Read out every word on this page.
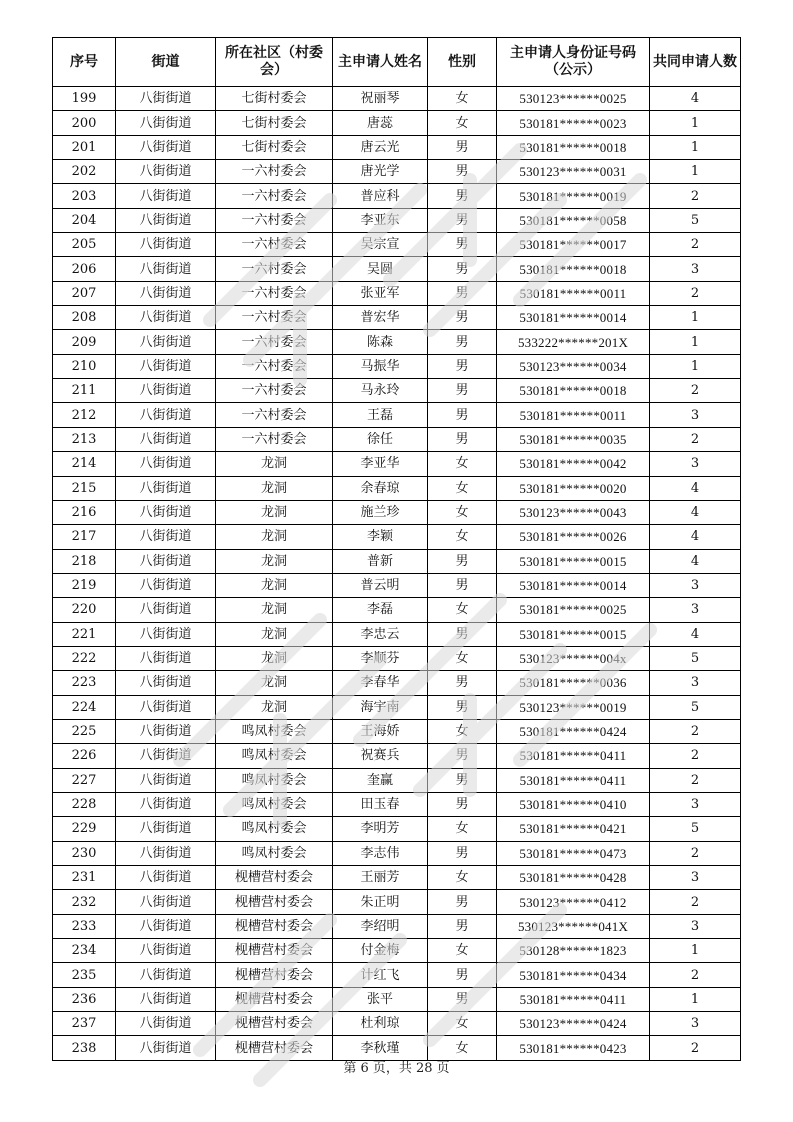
序号	街道	所在社区（村委会）	主申请人姓名	性别	主申请人身份证号码（公示）	共同申请人数
199	八街街道	七街村委会	祝丽琴	女	530123******0025	4
200	八街街道	七街村委会	唐蕊	女	530181******0023	1
201	八街街道	七街村委会	唐云光	男	530181******0018	1
202	八街街道	一六村委会	唐光学	男	530123******0031	1
203	八街街道	一六村委会	普应科	男	530181******0019	2
204	八街街道	一六村委会	李亚东	男	530181******0058	5
205	八街街道	一六村委会	吴宗宣	男	530181******0017	2
206	八街街道	一六村委会	吴圆	男	530181******0018	3
207	八街街道	一六村委会	张亚军	男	530181******0011	2
208	八街街道	一六村委会	普宏华	男	530181******0014	1
209	八街街道	一六村委会	陈森	男	533222******201X	1
210	八街街道	一六村委会	马振华	男	530123******0034	1
211	八街街道	一六村委会	马永玲	男	530181******0018	2
212	八街街道	一六村委会	王磊	男	530181******0011	3
213	八街街道	一六村委会	徐任	男	530181******0035	2
214	八街街道	龙洞	李亚华	女	530181******0042	3
215	八街街道	龙洞	余春琼	女	530181******0020	4
216	八街街道	龙洞	施兰珍	女	530123******0043	4
217	八街街道	龙洞	李颖	女	530181******0026	4
218	八街街道	龙洞	普新	男	530181******0015	4
219	八街街道	龙洞	普云明	男	530181******0014	3
220	八街街道	龙洞	李磊	女	530181******0025	3
221	八街街道	龙洞	李忠云	男	530181******0015	4
222	八街街道	龙洞	李顺芬	女	530123******004x	5
223	八街街道	龙洞	李春华	男	530181******0036	3
224	八街街道	龙洞	海宇南	男	530123******0019	5
225	八街街道	鸣凤村委会	王海娇	女	530181******0424	2
226	八街街道	鸣凤村委会	祝赛兵	男	530181******0411	2
227	八街街道	鸣凤村委会	奎赢	男	530181******0411	2
228	八街街道	鸣凤村委会	田玉春	男	530181******0410	3
229	八街街道	鸣凤村委会	李明芳	女	530181******0421	5
230	八街街道	鸣凤村委会	李志伟	男	530181******0473	2
231	八街街道	枧槽营村委会	王丽芳	女	530181******0428	3
232	八街街道	枧槽营村委会	朱正明	男	530123******0412	2
233	八街街道	枧槽营村委会	李绍明	男	530123******041X	3
234	八街街道	枧槽营村委会	付金梅	女	530128******1823	1
235	八街街道	枧槽营村委会	计红飞	男	530181******0434	2
236	八街街道	枧槽营村委会	张平	男	530181******0411	1
237	八街街道	枧槽营村委会	杜利琼	女	530123******0424	3
238	八街街道	枧槽营村委会	李秋瑾	女	530181******0423	2
第 6 页，共 28 页
